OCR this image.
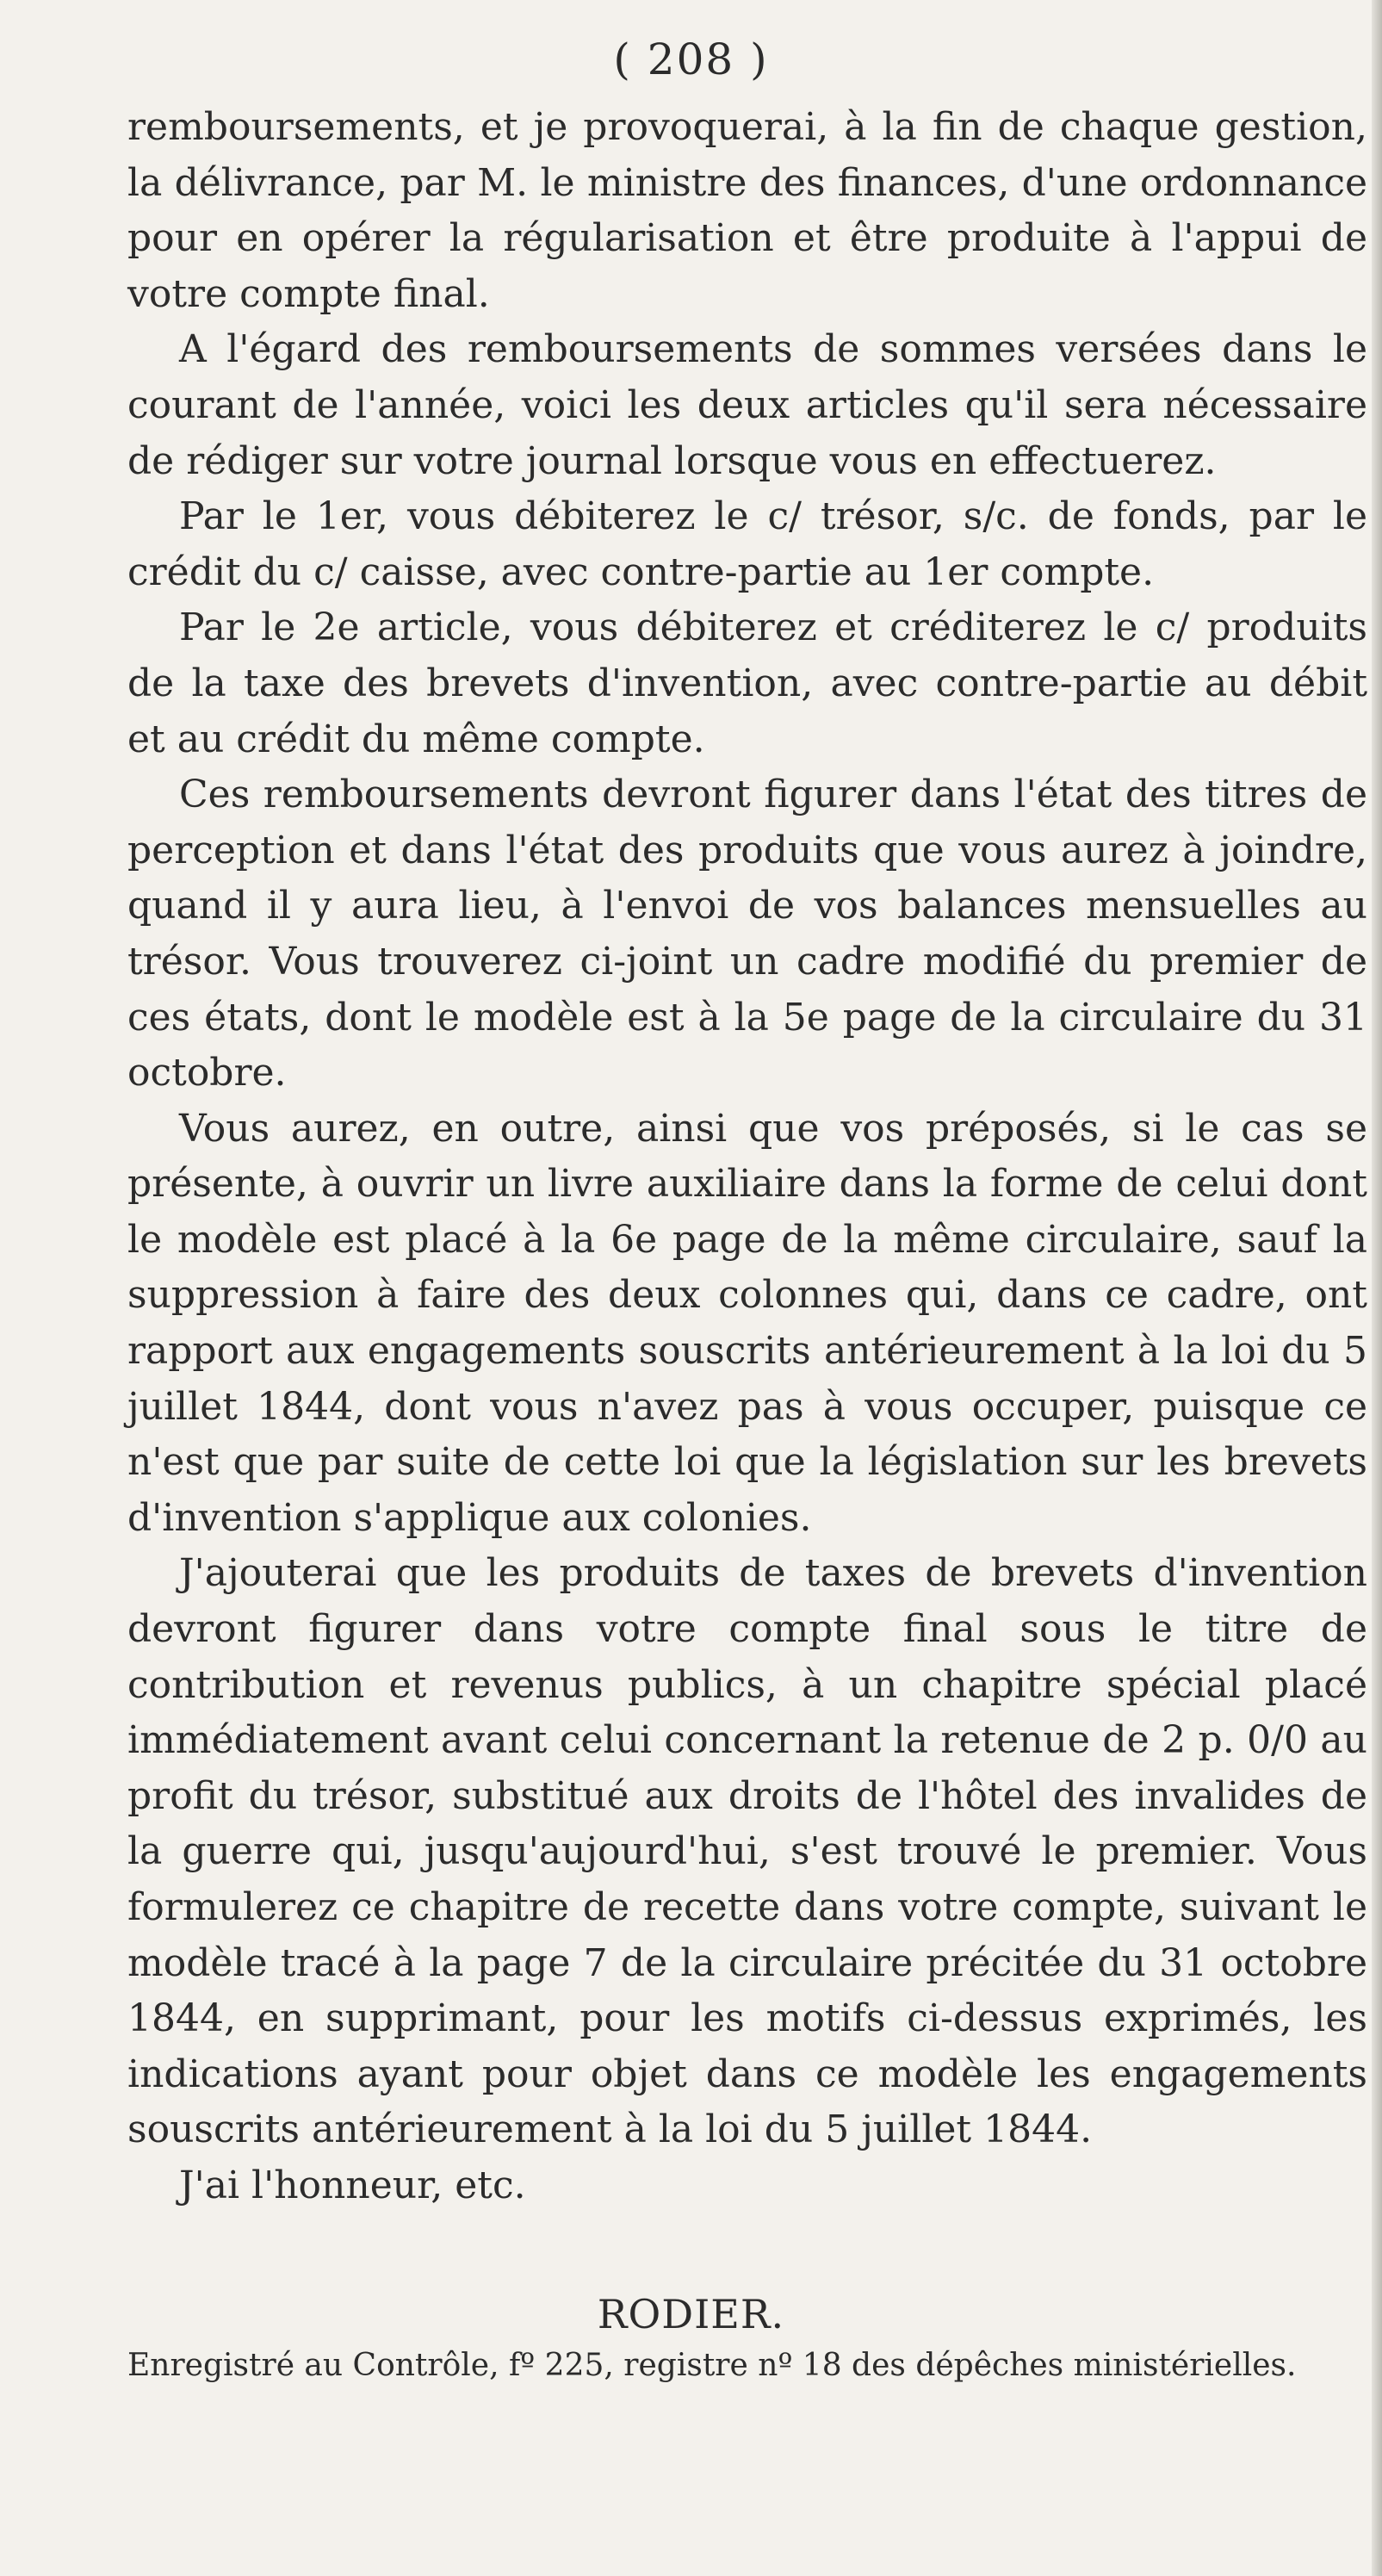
( 208 )

remboursements, et je provoquerai, à la fin de chaque gestion, la délivrance, par M. le ministre des finances, d'une ordonnance pour en opérer la régularisation et être produite à l'appui de votre compte final.

A l'égard des remboursements de sommes versées dans le courant de l'année, voici les deux articles qu'il sera nécessaire de rédiger sur votre journal lorsque vous en effectuerez.

Par le 1er, vous débiterez le c/ trésor, s/c. de fonds, par le crédit du c/ caisse, avec contre-partie au 1er compte.

Par le 2e article, vous débiterez et créditerez le c/ produits de la taxe des brevets d'invention, avec contre-partie au débit et au crédit du même compte.

Ces remboursements devront figurer dans l'état des titres de perception et dans l'état des produits que vous aurez à joindre, quand il y aura lieu, à l'envoi de vos balances mensuelles au trésor. Vous trouverez ci-joint un cadre modifié du premier de ces états, dont le modèle est à la 5e page de la circulaire du 31 octobre.

Vous aurez, en outre, ainsi que vos préposés, si le cas se présente, à ouvrir un livre auxiliaire dans la forme de celui dont le modèle est placé à la 6e page de la même circulaire, sauf la suppression à faire des deux colonnes qui, dans ce cadre, ont rapport aux engagements souscrits antérieurement à la loi du 5 juillet 1844, dont vous n'avez pas à vous occuper, puisque ce n'est que par suite de cette loi que la législation sur les brevets d'invention s'applique aux colonies.

J'ajouterai que les produits de taxes de brevets d'invention devront figurer dans votre compte final sous le titre de contribution et revenus publics, à un chapitre spécial placé immédiatement avant celui concernant la retenue de 2 p. 0/0 au profit du trésor, substitué aux droits de l'hôtel des invalides de la guerre qui, jusqu'aujourd'hui, s'est trouvé le premier. Vous formulerez ce chapitre de recette dans votre compte, suivant le modèle tracé à la page 7 de la circulaire précitée du 31 octobre 1844, en supprimant, pour les motifs ci-dessus exprimés, les indications ayant pour objet dans ce modèle les engagements souscrits antérieurement à la loi du 5 juillet 1844.

J'ai l'honneur, etc.

RODIER.
Enregistré au Contrôle, fº 225, registre nº 18 des dépêches ministérielles.
